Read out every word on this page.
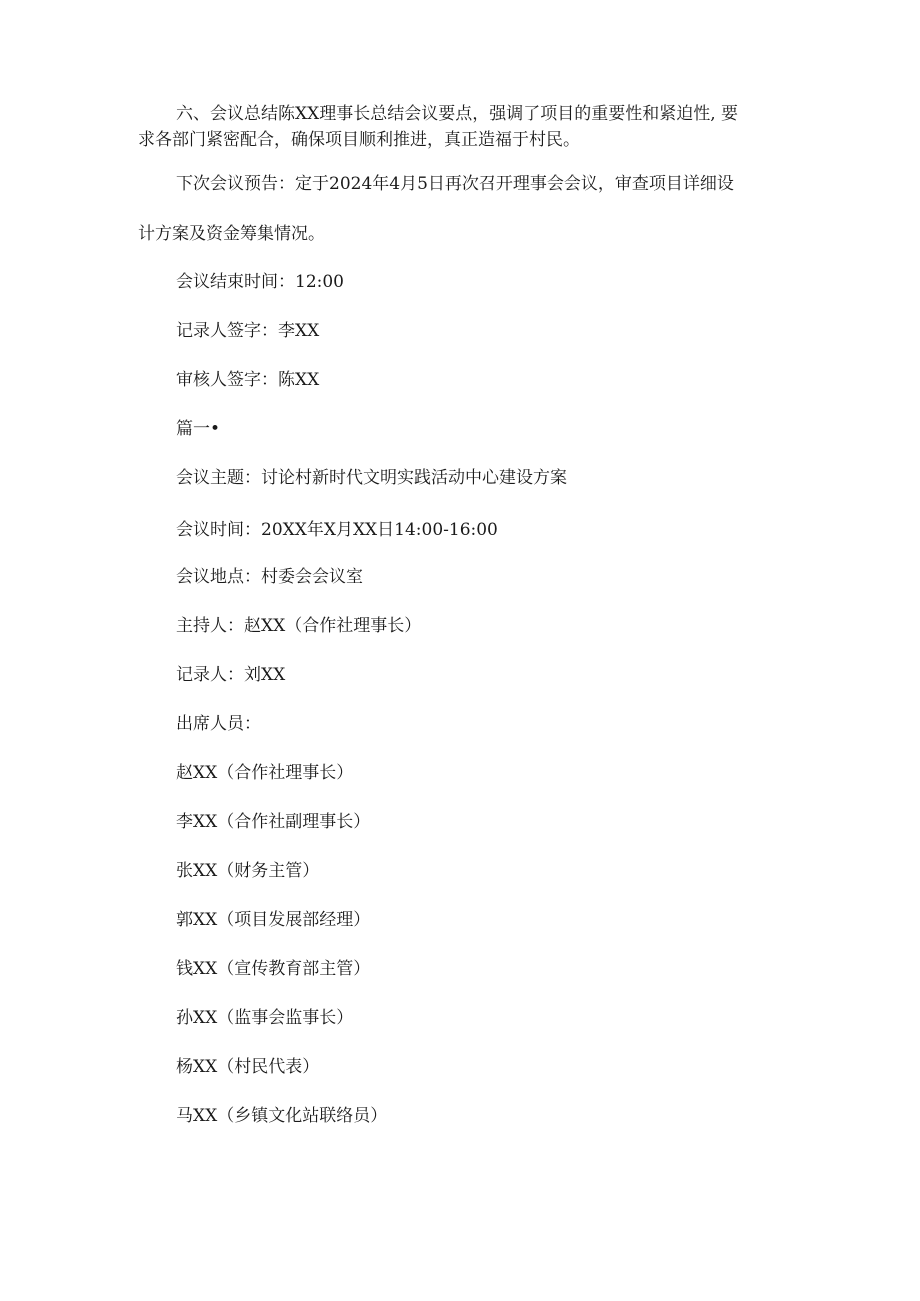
六、会议总结陈XX理事长总结会议要点，强调了项目的重要性和紧迫性, 要
求各部门紧密配合，确保项目顺利推进，真正造福于村民。
下次会议预告：定于2024年4月5日再次召开理事会会议，审查项目详细设
计方案及资金筹集情况。
会议结束时间：12:00
记录人签字：李XX
审核人签字：陈XX
篇一•
会议主题：讨论村新时代文明实践活动中心建设方案
会议时间：20XX年X月XX日14:00-16:00
会议地点：村委会会议室
主持人：赵XX（合作社理事长）
记录人：刘XX
出席人员：
赵XX（合作社理事长）
李XX（合作社副理事长）
张XX（财务主管）
郭XX（项目发展部经理）
钱XX（宣传教育部主管）
孙XX（监事会监事长）
杨XX（村民代表）
马XX（乡镇文化站联络员）
